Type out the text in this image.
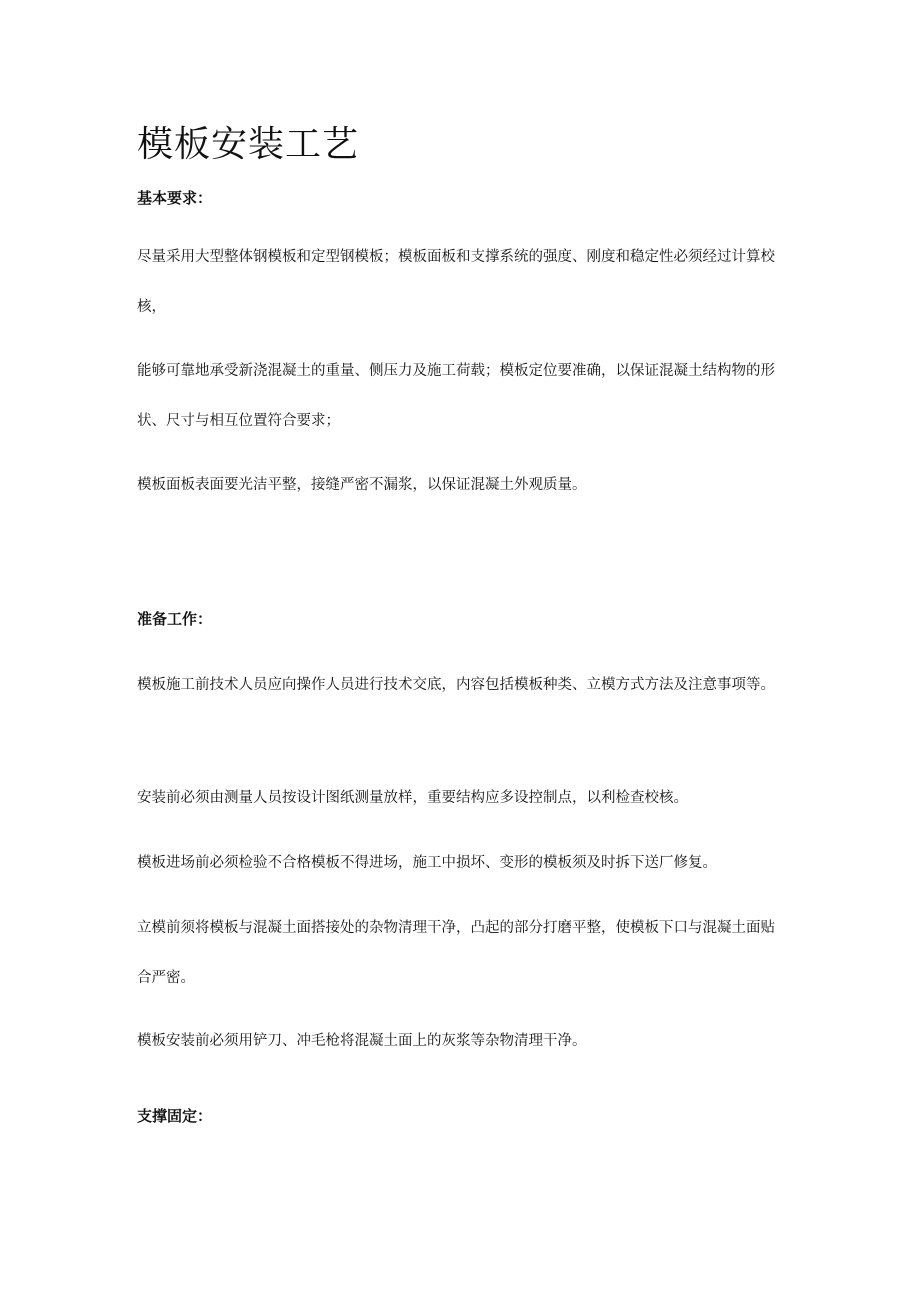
模板安装工艺
基本要求：

尽量采用大型整体钢模板和定型钢模板；模板面板和支撑系统的强度、刚度和稳定性必须经过计算校核，

能够可靠地承受新浇混凝土的重量、侧压力及施工荷载；模板定位要准确，以保证混凝土结构物的形状、尺寸与相互位置符合要求；

模板面板表面要光洁平整，接缝严密不漏浆，以保证混凝土外观质量。

准备工作：

模板施工前技术人员应向操作人员进行技术交底，内容包括模板种类、立模方式方法及注意事项等。

安装前必须由测量人员按设计图纸测量放样，重要结构应多设控制点，以利检查校核。

模板进场前必须检验不合格模板不得进场，施工中损坏、变形的模板须及时拆下送厂修复。

立模前须将模板与混凝土面搭接处的杂物清理干净，凸起的部分打磨平整，使模板下口与混凝土面贴合严密。

模板安装前必须用铲刀、冲毛枪将混凝土面上的灰浆等杂物清理干净。

支撑固定：
